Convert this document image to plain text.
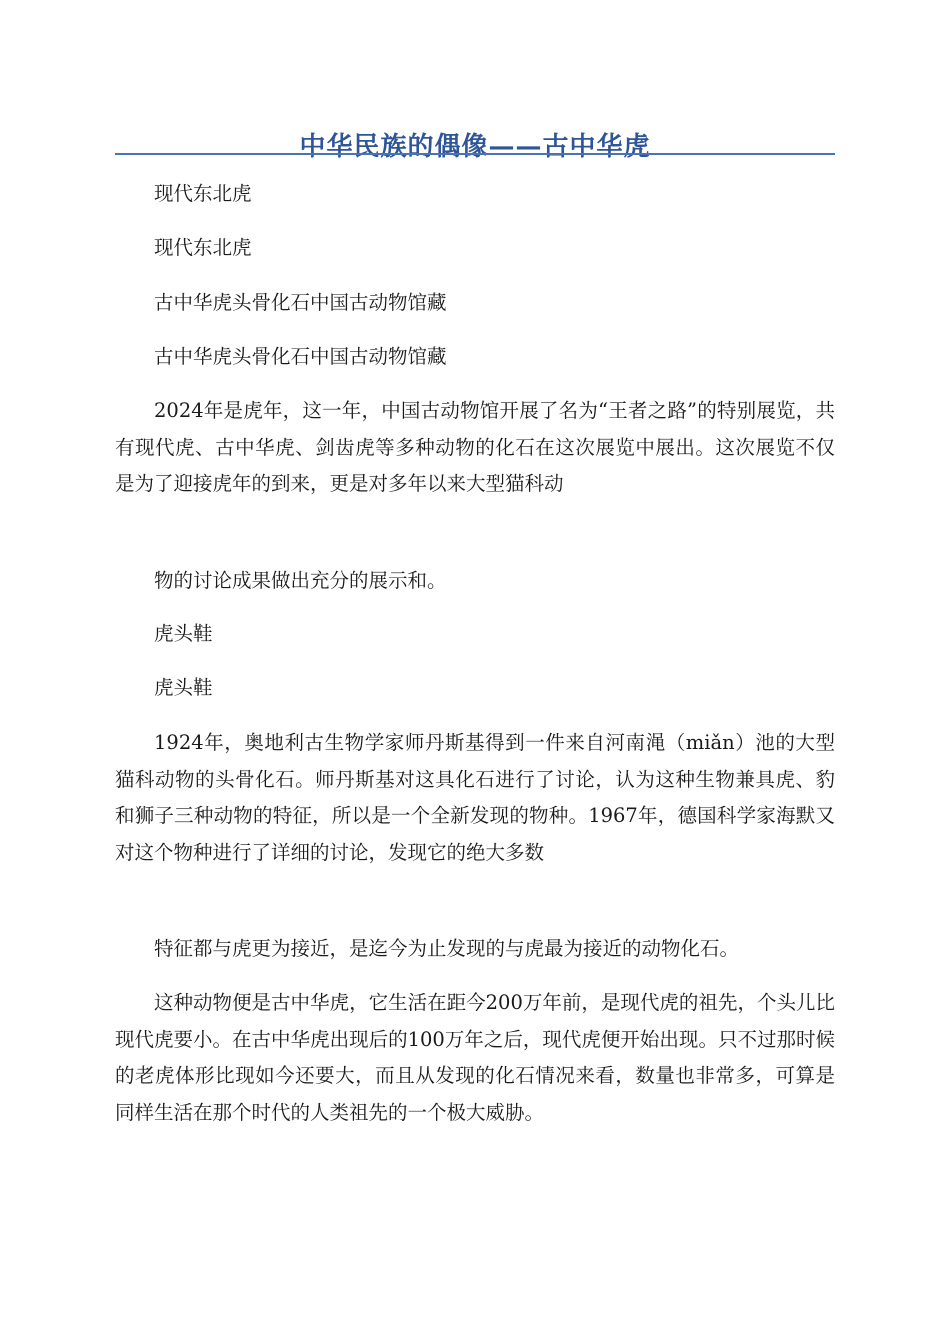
中华民族的偶像——古中华虎

现代东北虎

现代东北虎

古中华虎头骨化石中国古动物馆藏

古中华虎头骨化石中国古动物馆藏

2024年是虎年，这一年，中国古动物馆开展了名为“王者之路”的特别展览，共有现代虎、古中华虎、剑齿虎等多种动物的化石在这次展览中展出。这次展览不仅是为了迎接虎年的到来，更是对多年以来大型猫科动

物的讨论成果做出充分的展示和。

虎头鞋

虎头鞋

1924年，奥地利古生物学家师丹斯基得到一件来自河南渑（miǎn）池的大型猫科动物的头骨化石。师丹斯基对这具化石进行了讨论，认为这种生物兼具虎、豹和狮子三种动物的特征，所以是一个全新发现的物种。1967年，德国科学家海默又对这个物种进行了详细的讨论，发现它的绝大多数

特征都与虎更为接近，是迄今为止发现的与虎最为接近的动物化石。

这种动物便是古中华虎，它生活在距今200万年前，是现代虎的祖先，个头儿比现代虎要小。在古中华虎出现后的100万年之后，现代虎便开始出现。只不过那时候的老虎体形比现如今还要大，而且从发现的化石情况来看，数量也非常多，可算是同样生活在那个时代的人类祖先的一个极大威胁。
